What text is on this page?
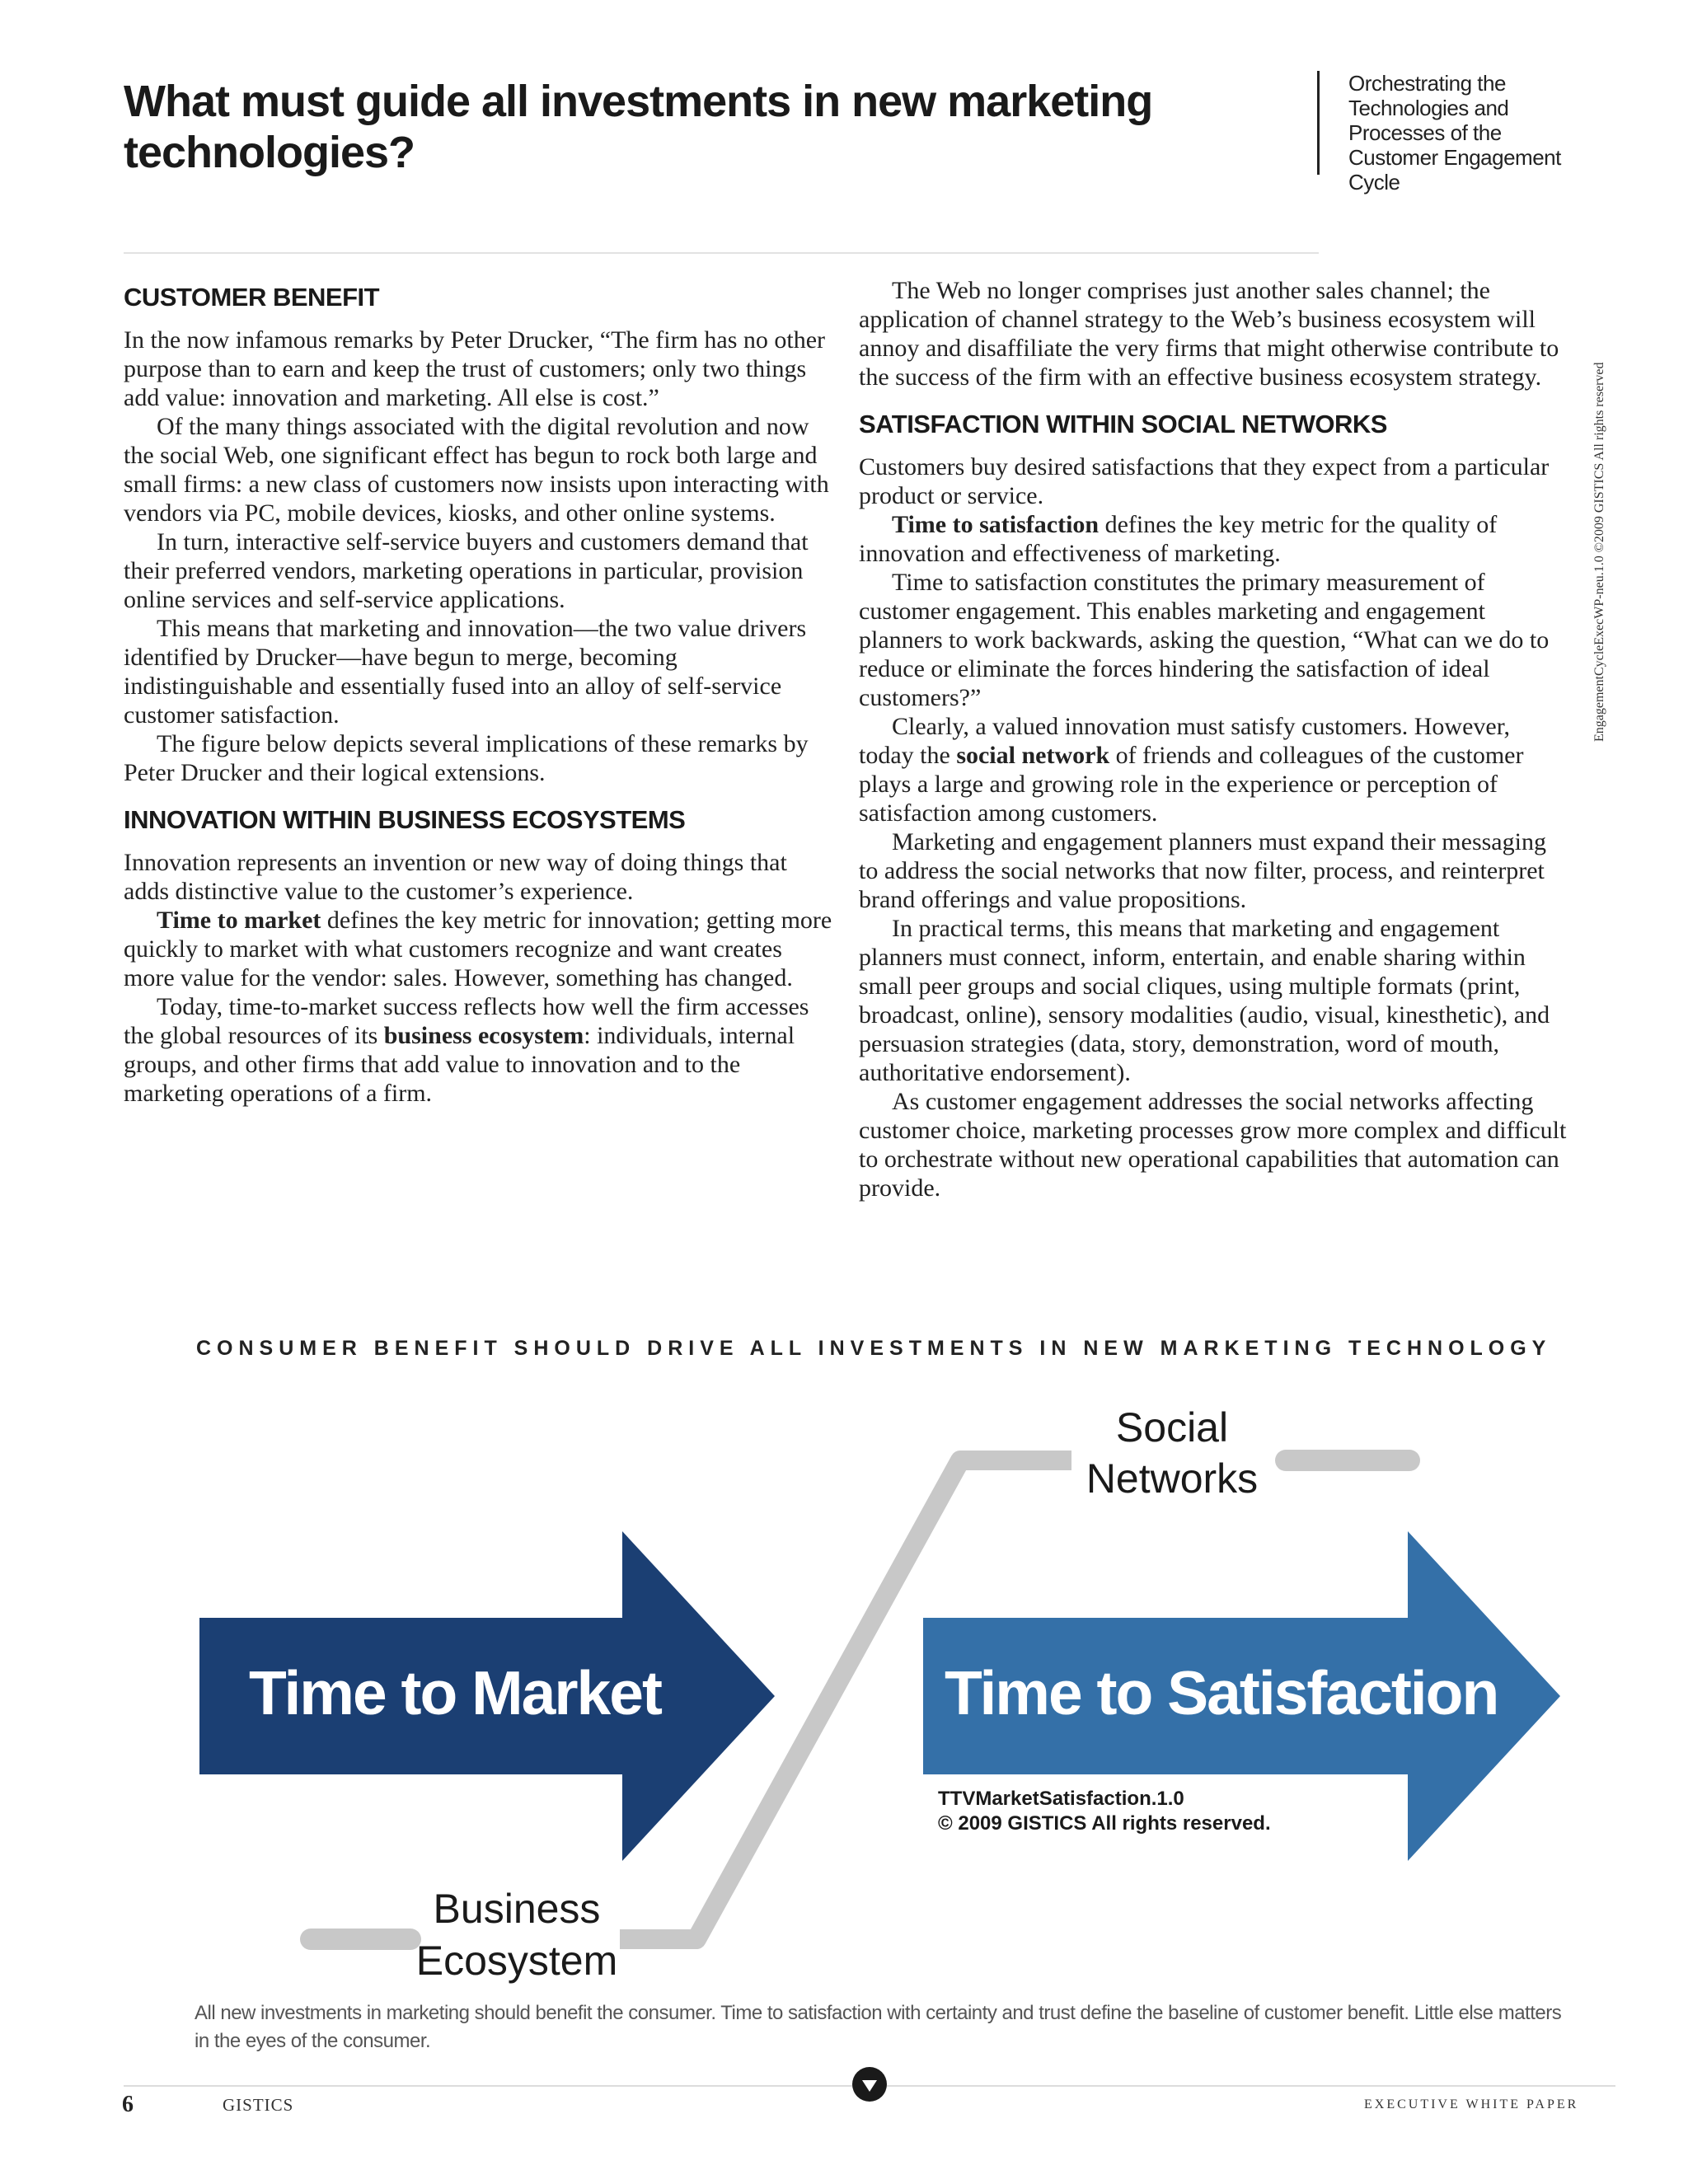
What must guide all investments in new marketing technologies?
Orchestrating the Technologies and Processes of the Customer Engagement Cycle
EngagementCycleExecWP-neu.1.0 ©2009 GISTICS All rights reserved
CUSTOMER BENEFIT

In the now infamous remarks by Peter Drucker, “The firm has no other purpose than to earn and keep the trust of customers; only two things add value: innovation and marketing. All else is cost.”

Of the many things associated with the digital revolution and now the social Web, one significant effect has begun to rock both large and small firms: a new class of customers now insists upon interacting with vendors via PC, mobile devices, kiosks, and other online systems.

In turn, interactive self-service buyers and customers demand that their preferred vendors, marketing operations in particular, provision online services and self-service applications.

This means that marketing and innovation—the two value drivers identified by Drucker—have begun to merge, becoming indistinguishable and essentially fused into an alloy of self-service customer satisfaction.

The figure below depicts several implications of these remarks by Peter Drucker and their logical extensions.

INNOVATION WITHIN BUSINESS ECOSYSTEMS

Innovation represents an invention or new way of doing things that adds distinctive value to the customer’s experience.

Time to market defines the key metric for innovation; getting more quickly to market with what customers recognize and want creates more value for the vendor: sales. However, something has changed.

Today, time-to-market success reflects how well the firm accesses the global resources of its business ecosystem: individuals, internal groups, and other firms that add value to innovation and to the marketing operations of a firm.

The Web no longer comprises just another sales channel; the application of channel strategy to the Web’s business ecosystem will annoy and disaffiliate the very firms that might otherwise contribute to the success of the firm with an effective business ecosystem strategy.

SATISFACTION WITHIN SOCIAL NETWORKS

Customers buy desired satisfactions that they expect from a particular product or service.

Time to satisfaction defines the key metric for the quality of innovation and effectiveness of marketing.

Time to satisfaction constitutes the primary measurement of customer engagement. This enables marketing and engagement planners to work backwards, asking the question, “What can we do to reduce or eliminate the forces hindering the satisfaction of ideal customers?”

Clearly, a valued innovation must satisfy customers. However, today the social network of friends and colleagues of the customer plays a large and growing role in the experience or perception of satisfaction among customers.

Marketing and engagement planners must expand their messaging to address the social networks that now filter, process, and reinterpret brand offerings and value propositions.

In practical terms, this means that marketing and engagement planners must connect, inform, entertain, and enable sharing within small peer groups and social cliques, using multiple formats (print, broadcast, online), sensory modalities (audio, visual, kinesthetic), and persuasion strategies (data, story, demonstration, word of mouth, authoritative endorsement).

As customer engagement addresses the social networks affecting customer choice, marketing processes grow more complex and difficult to orchestrate without new operational capabilities that automation can provide.

CONSUMER BENEFIT SHOULD DRIVE ALL INVESTMENTS IN NEW MARKETING TECHNOLOGY
Time to Market	Time to Satisfaction
Social
Networks
Business
Ecosystem
TTVMarketSatisfaction.1.0
© 2009 GISTICS All rights reserved.
All new investments in marketing should benefit the consumer. Time to satisfaction with certainty and trust define the baseline of customer benefit. Little else matters in the eyes of the consumer.
6	GISTICS	EXECUTIVE WHITE PAPER
